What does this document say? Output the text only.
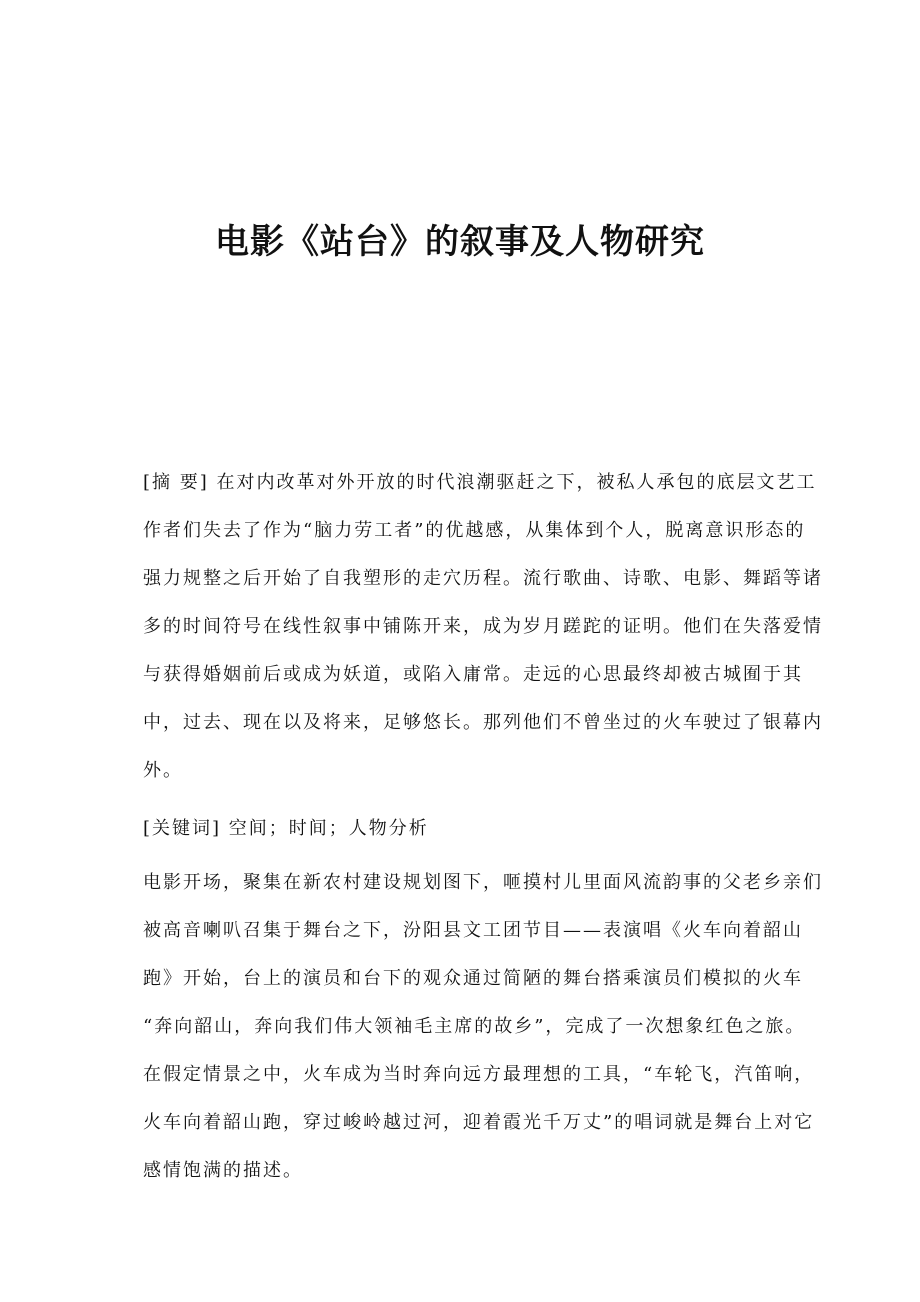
电影《站台》的叙事及人物研究
[摘 要] 在对内改革对外开放的时代浪潮驱赶之下，被私人承包的底层文艺工
作者们失去了作为“脑力劳工者”的优越感，从集体到个人，脱离意识形态的
强力规整之后开始了自我塑形的走穴历程。流行歌曲、诗歌、电影、舞蹈等诸
多的时间符号在线性叙事中铺陈开来，成为岁月蹉跎的证明。他们在失落爱情
与获得婚姻前后或成为妖道，或陷入庸常。走远的心思最终却被古城囿于其
中，过去、现在以及将来，足够悠长。那列他们不曾坐过的火车驶过了银幕内
外。
[关键词] 空间；时间；人物分析
电影开场，聚集在新农村建设规划图下，咂摸村儿里面风流韵事的父老乡亲们
被高音喇叭召集于舞台之下，汾阳县文工团节目——表演唱《火车向着韶山
跑》开始，台上的演员和台下的观众通过简陋的舞台搭乘演员们模拟的火车
“奔向韶山，奔向我们伟大领袖毛主席的故乡”，完成了一次想象红色之旅。
在假定情景之中，火车成为当时奔向远方最理想的工具，“车轮飞，汽笛响，
火车向着韶山跑，穿过峻岭越过河，迎着霞光千万丈”的唱词就是舞台上对它
感情饱满的描述。
